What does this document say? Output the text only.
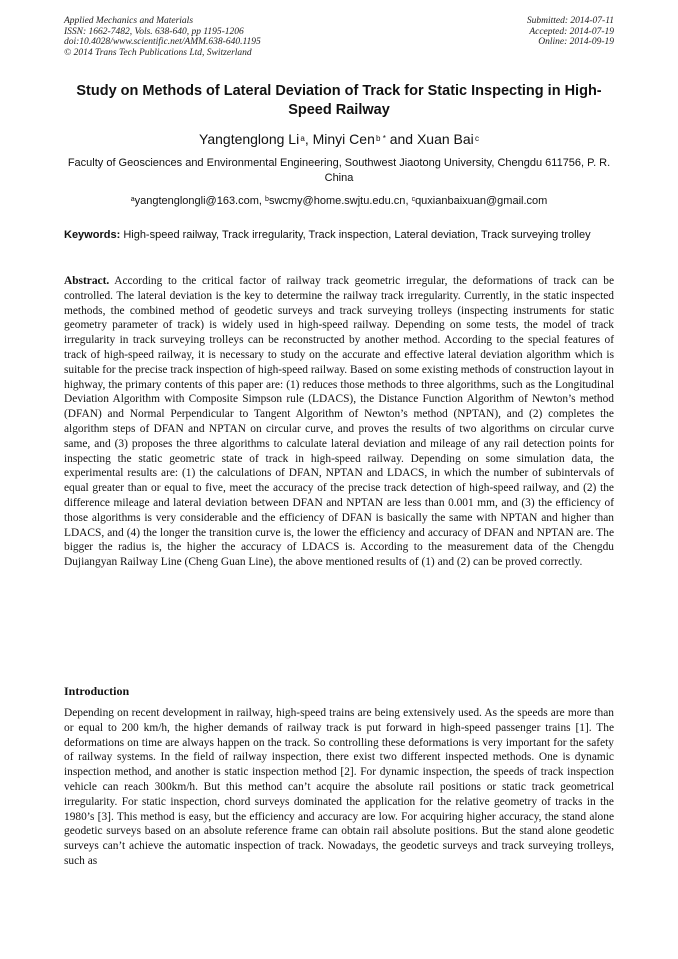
Applied Mechanics and Materials
ISSN: 1662-7482, Vols. 638-640, pp 1195-1206
doi:10.4028/www.scientific.net/AMM.638-640.1195
© 2014 Trans Tech Publications Ltd, Switzerland
Submitted: 2014-07-11
Accepted: 2014-07-19
Online: 2014-09-19
Study on Methods of Lateral Deviation of Track for Static Inspecting in High-Speed Railway
Yangtenglong Li $^a$, Minyi Cen $^{b *}$ and Xuan Bai $^c$
Faculty of Geosciences and Environmental Engineering, Southwest Jiaotong University, Chengdu 611756, P. R. China
$^a$yangtenglongli@163.com, $^b$swcmy@home.swjtu.edu.cn, $^c$quxianbaixuan@gmail.com
Keywords: High-speed railway, Track irregularity, Track inspection, Lateral deviation, Track surveying trolley
Abstract. According to the critical factor of railway track geometric irregular, the deformations of track can be controlled. The lateral deviation is the key to determine the railway track irregularity. Currently, in the static inspected methods, the combined method of geodetic surveys and track surveying trolleys (inspecting instruments for static geometry parameter of track) is widely used in high-speed railway. Depending on some tests, the model of track irregularity in track surveying trolleys can be reconstructed by another method. According to the special features of track of high-speed railway, it is necessary to study on the accurate and effective lateral deviation algorithm which is suitable for the precise track inspection of high-speed railway. Based on some existing methods of construction layout in highway, the primary contents of this paper are: (1) reduces those methods to three algorithms, such as the Longitudinal Deviation Algorithm with Composite Simpson rule (LDACS), the Distance Function Algorithm of Newton’s method (DFAN) and Normal Perpendicular to Tangent Algorithm of Newton’s method (NPTAN), and (2) completes the algorithm steps of DFAN and NPTAN on circular curve, and proves the results of two algorithms on circular curve same, and (3) proposes the three algorithms to calculate lateral deviation and mileage of any rail detection points for inspecting the static geometric state of track in high-speed railway. Depending on some simulation data, the experimental results are: (1) the calculations of DFAN, NPTAN and LDACS, in which the number of subintervals of equal greater than or equal to five, meet the accuracy of the precise track detection of high-speed railway, and (2) the difference mileage and lateral deviation between DFAN and NPTAN are less than 0.001 mm, and (3) the efficiency of those algorithms is very considerable and the efficiency of DFAN is basically the same with NPTAN and higher than LDACS, and (4) the longer the transition curve is, the lower the efficiency and accuracy of DFAN and NPTAN are. The bigger the radius is, the higher the accuracy of LDACS is. According to the measurement data of the Chengdu Dujiangyan Railway Line (Cheng Guan Line), the above mentioned results of (1) and (2) can be proved correctly.
Introduction
Depending on recent development in railway, high-speed trains are being extensively used. As the speeds are more than or equal to 200 km/h, the higher demands of railway track is put forward in high-speed passenger trains [1]. The deformations on time are always happen on the track. So controlling these deformations is very important for the safety of railway systems. In the field of railway inspection, there exist two different inspected methods. One is dynamic inspection method, and another is static inspection method [2]. For dynamic inspection, the speeds of track inspection vehicle can reach 300km/h. But this method can’t acquire the absolute rail positions or static track geometrical irregularity. For static inspection, chord surveys dominated the application for the relative geometry of tracks in the 1980’s [3]. This method is easy, but the efficiency and accuracy are low. For acquiring higher accuracy, the stand alone geodetic surveys based on an absolute reference frame can obtain rail absolute positions. But the stand alone geodetic surveys can’t achieve the automatic inspection of track. Nowadays, the geodetic surveys and track surveying trolleys, such as
